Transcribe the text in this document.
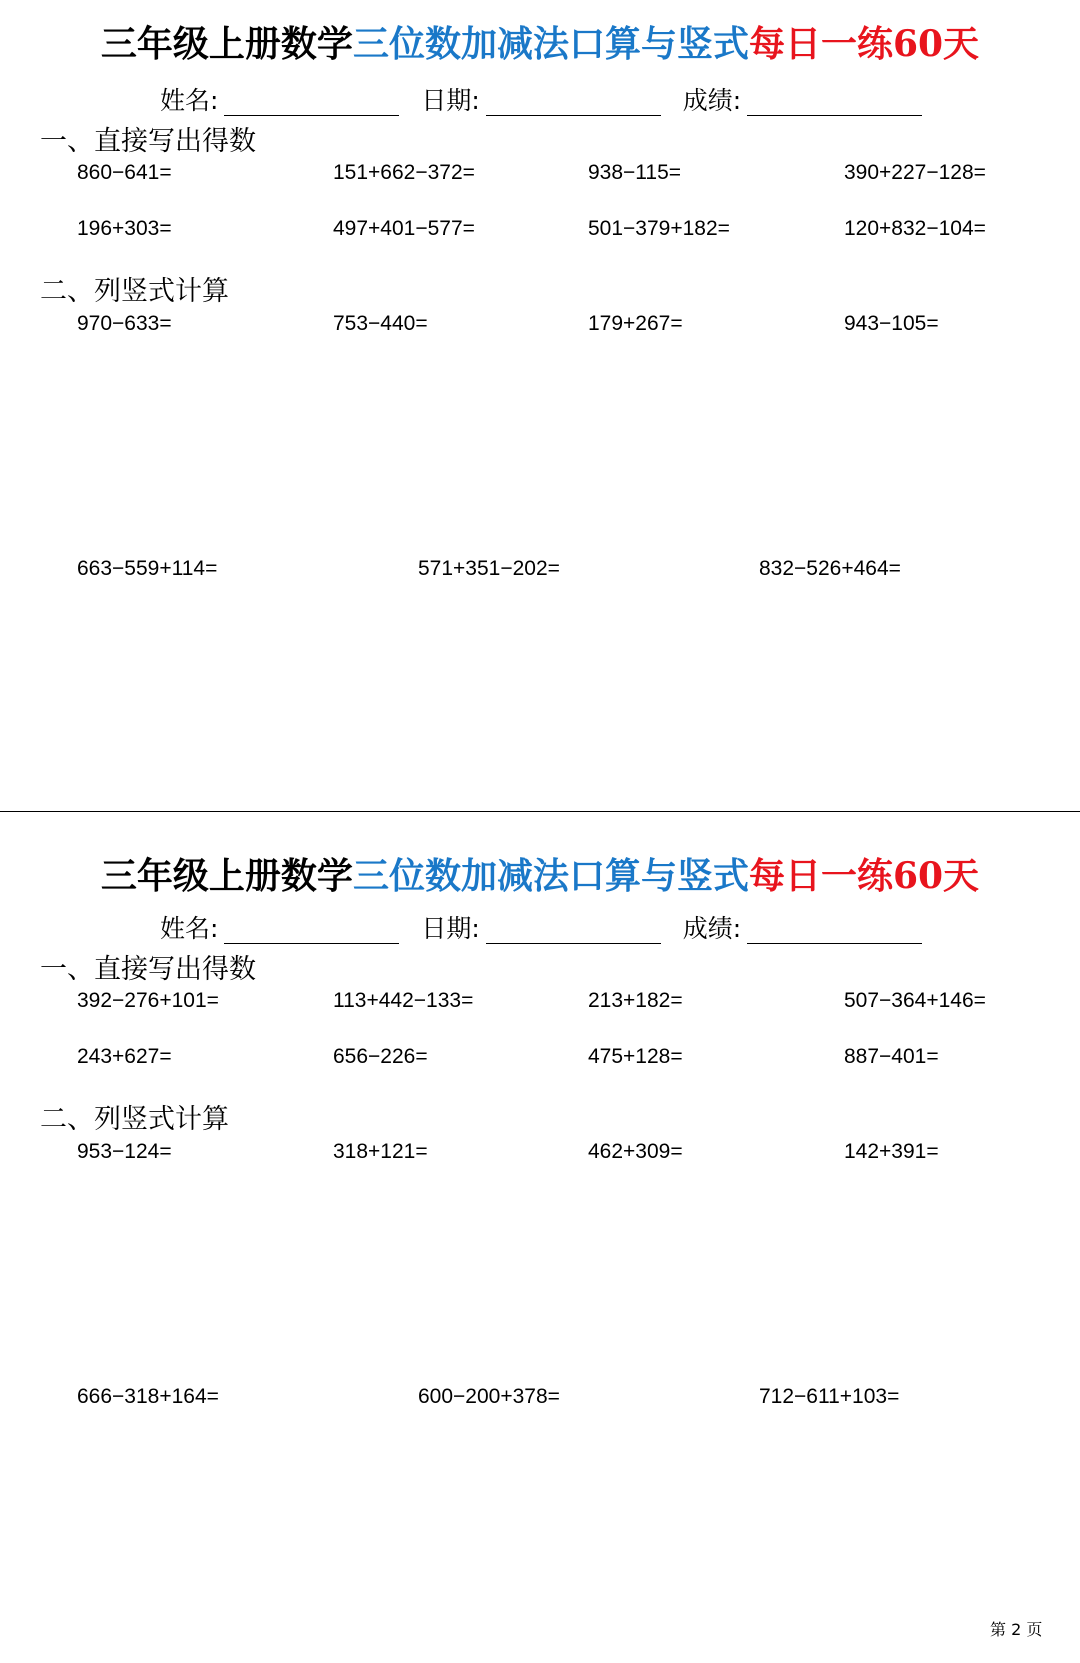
三年级上册数学三位数加减法口算与竖式每日一练60天
姓名:	日期:	成绩:
一、直接写出得数
860−641=	151+662−372=	938−115=	390+227−128=
196+303=	497+401−577=	501−379+182=	120+832−104=
二、列竖式计算
970−633=	753−440=	179+267=	943−105=
663−559+114=	571+351−202=	832−526+464=
三年级上册数学三位数加减法口算与竖式每日一练60天
姓名:	日期:	成绩:
一、直接写出得数
392−276+101=	113+442−133=	213+182=	507−364+146=
243+627=	656−226=	475+128=	887−401=
二、列竖式计算
953−124=	318+121=	462+309=	142+391=
666−318+164=	600−200+378=	712−611+103=
第 2 页
